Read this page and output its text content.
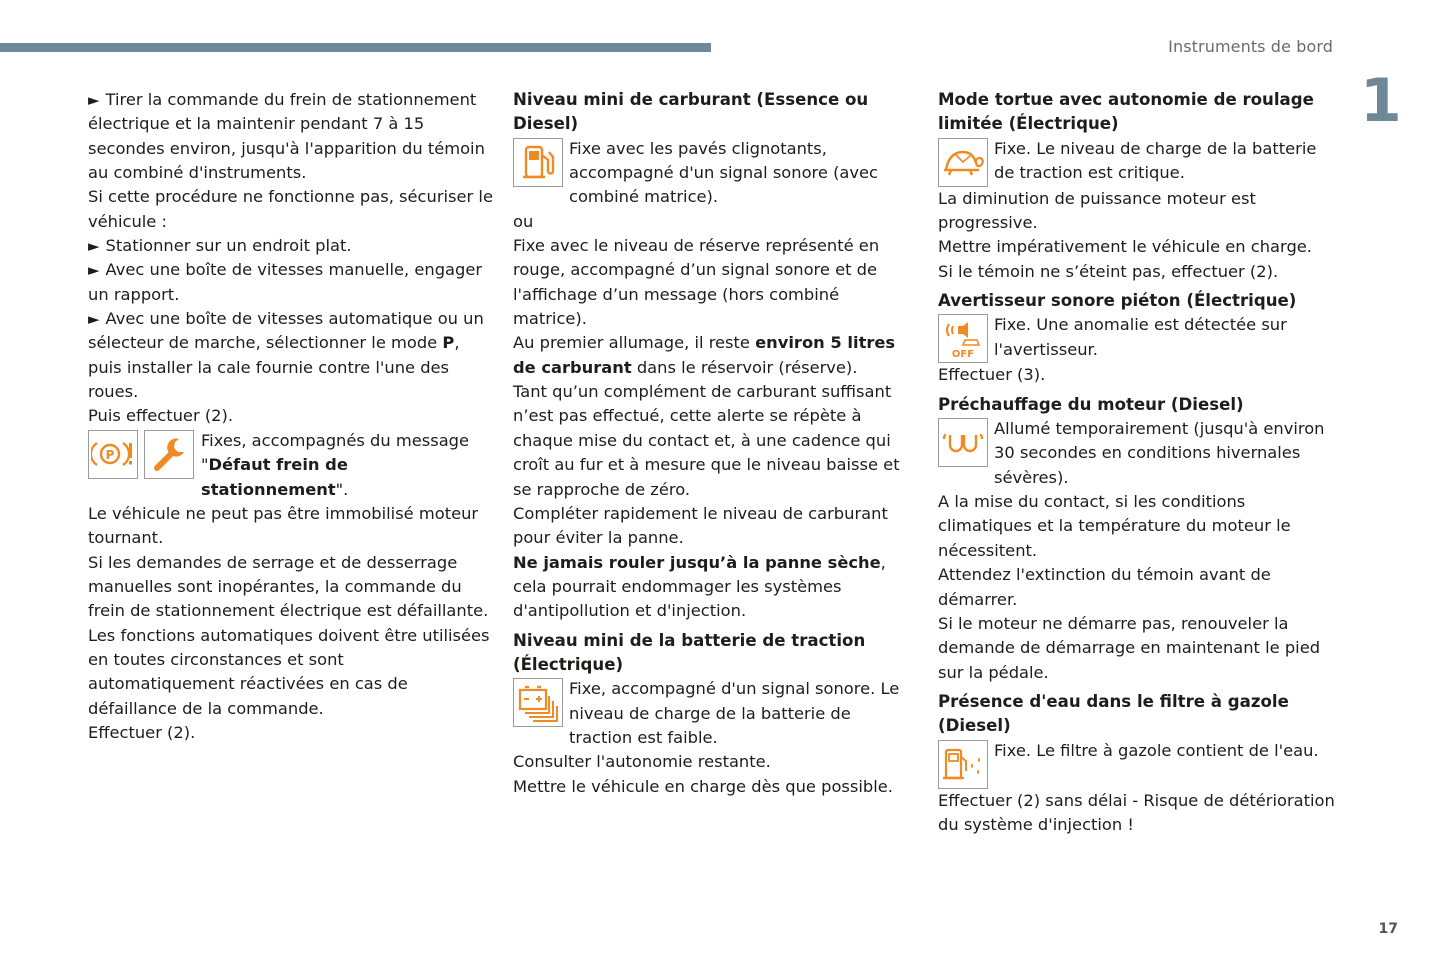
Instruments de bord
1
17

► Tirer la commande du frein de stationnement électrique et la maintenir pendant 7 à 15 secondes environ, jusqu'à l'apparition du témoin au combiné d'instruments.

Si cette procédure ne fonctionne pas, sécuriser le véhicule :

► Stationner sur un endroit plat.

► Avec une boîte de vitesses manuelle, engager un rapport.

► Avec une boîte de vitesses automatique ou un sélecteur de marche, sélectionner le mode P, puis installer la cale fournie contre l'une des roues.

Puis effectuer (2).

P

Fixes, accompagnés du message "Défaut frein de stationnement".

Le véhicule ne peut pas être immobilisé moteur tournant.

Si les demandes de serrage et de desserrage manuelles sont inopérantes, la commande du frein de stationnement électrique est défaillante.

Les fonctions automatiques doivent être utilisées en toutes circonstances et sont automatiquement réactivées en cas de défaillance de la commande.

Effectuer (2).

Niveau mini de carburant (Essence ou Diesel)

Fixe avec les pavés clignotants, accompagné d'un signal sonore (avec combiné matrice).

ou

Fixe avec le niveau de réserve représenté en rouge, accompagné d’un signal sonore et de l'affichage d’un message (hors combiné matrice).

Au premier allumage, il reste environ 5 litres de carburant dans le réservoir (réserve).

Tant qu’un complément de carburant suffisant n’est pas effectué, cette alerte se répète à chaque mise du contact et, à une cadence qui croît au fur et à mesure que le niveau baisse et se rapproche de zéro.

Compléter rapidement le niveau de carburant pour éviter la panne.

Ne jamais rouler jusqu’à la panne sèche, cela pourrait endommager les systèmes d'antipollution et d'injection.

Niveau mini de la batterie de traction (Électrique)

Fixe, accompagné d'un signal sonore. Le niveau de charge de la batterie de traction est faible.

Consulter l'autonomie restante.

Mettre le véhicule en charge dès que possible.

Mode tortue avec autonomie de roulage limitée (Électrique)

Fixe. Le niveau de charge de la batterie de traction est critique.

La diminution de puissance moteur est progressive.

Mettre impérativement le véhicule en charge.

Si le témoin ne s’éteint pas, effectuer (2).

Avertisseur sonore piéton (Électrique)
OFF

Fixe. Une anomalie est détectée sur l'avertisseur.

Effectuer (3).

Préchauffage du moteur (Diesel)

Allumé temporairement (jusqu'à environ 30 secondes en conditions hivernales sévères).

A la mise du contact, si les conditions climatiques et la température du moteur le nécessitent.

Attendez l'extinction du témoin avant de démarrer.

Si le moteur ne démarre pas, renouveler la demande de démarrage en maintenant le pied sur la pédale.

Présence d'eau dans le filtre à gazole (Diesel)

Fixe. Le filtre à gazole contient de l'eau.

Effectuer (2) sans délai - Risque de détérioration du système d'injection !
